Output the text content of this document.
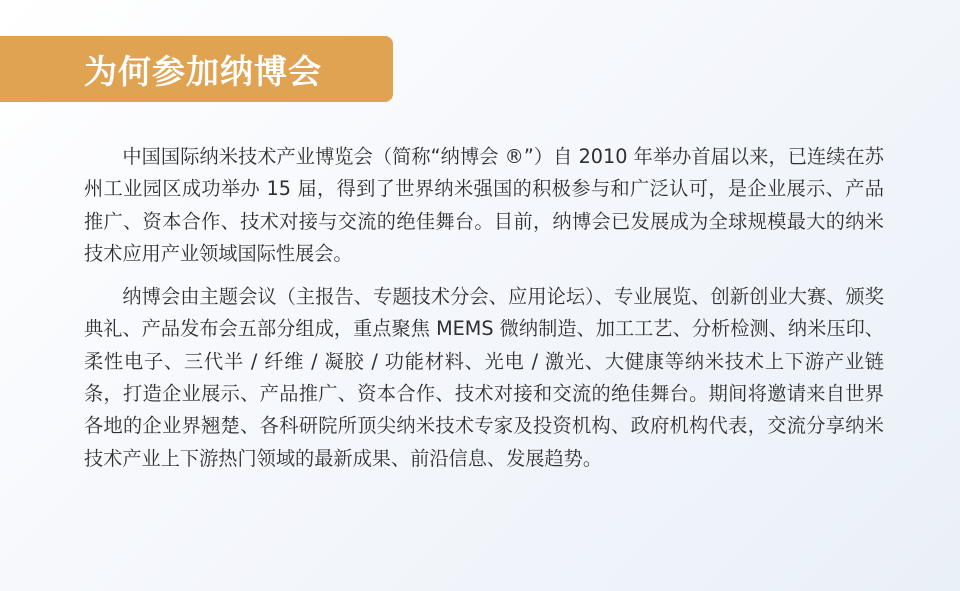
为何参加纳博会

中国国际纳米技术产业博览会（简称“纳博会 ®”）自 2010 年举办首届以来，已连续在苏州工业园区成功举办 15 届，得到了世界纳米强国的积极参与和广泛认可，是企业展示、产品推广、资本合作、技术对接与交流的绝佳舞台。目前，纳博会已发展成为全球规模最大的纳米技术应用产业领域国际性展会。

纳博会由主题会议（主报告、专题技术分会、应用论坛）、专业展览、创新创业大赛、颁奖典礼、产品发布会五部分组成，重点聚焦 MEMS 微纳制造、加工工艺、分析检测、纳米压印、柔性电子、三代半 / 纤维 / 凝胶 / 功能材料、光电 / 激光、大健康等纳米技术上下游产业链条，打造企业展示、产品推广、资本合作、技术对接和交流的绝佳舞台。期间将邀请来自世界各地的企业界翘楚、各科研院所顶尖纳米技术专家及投资机构、政府机构代表，交流分享纳米技术产业上下游热门领域的最新成果、前沿信息、发展趋势。
